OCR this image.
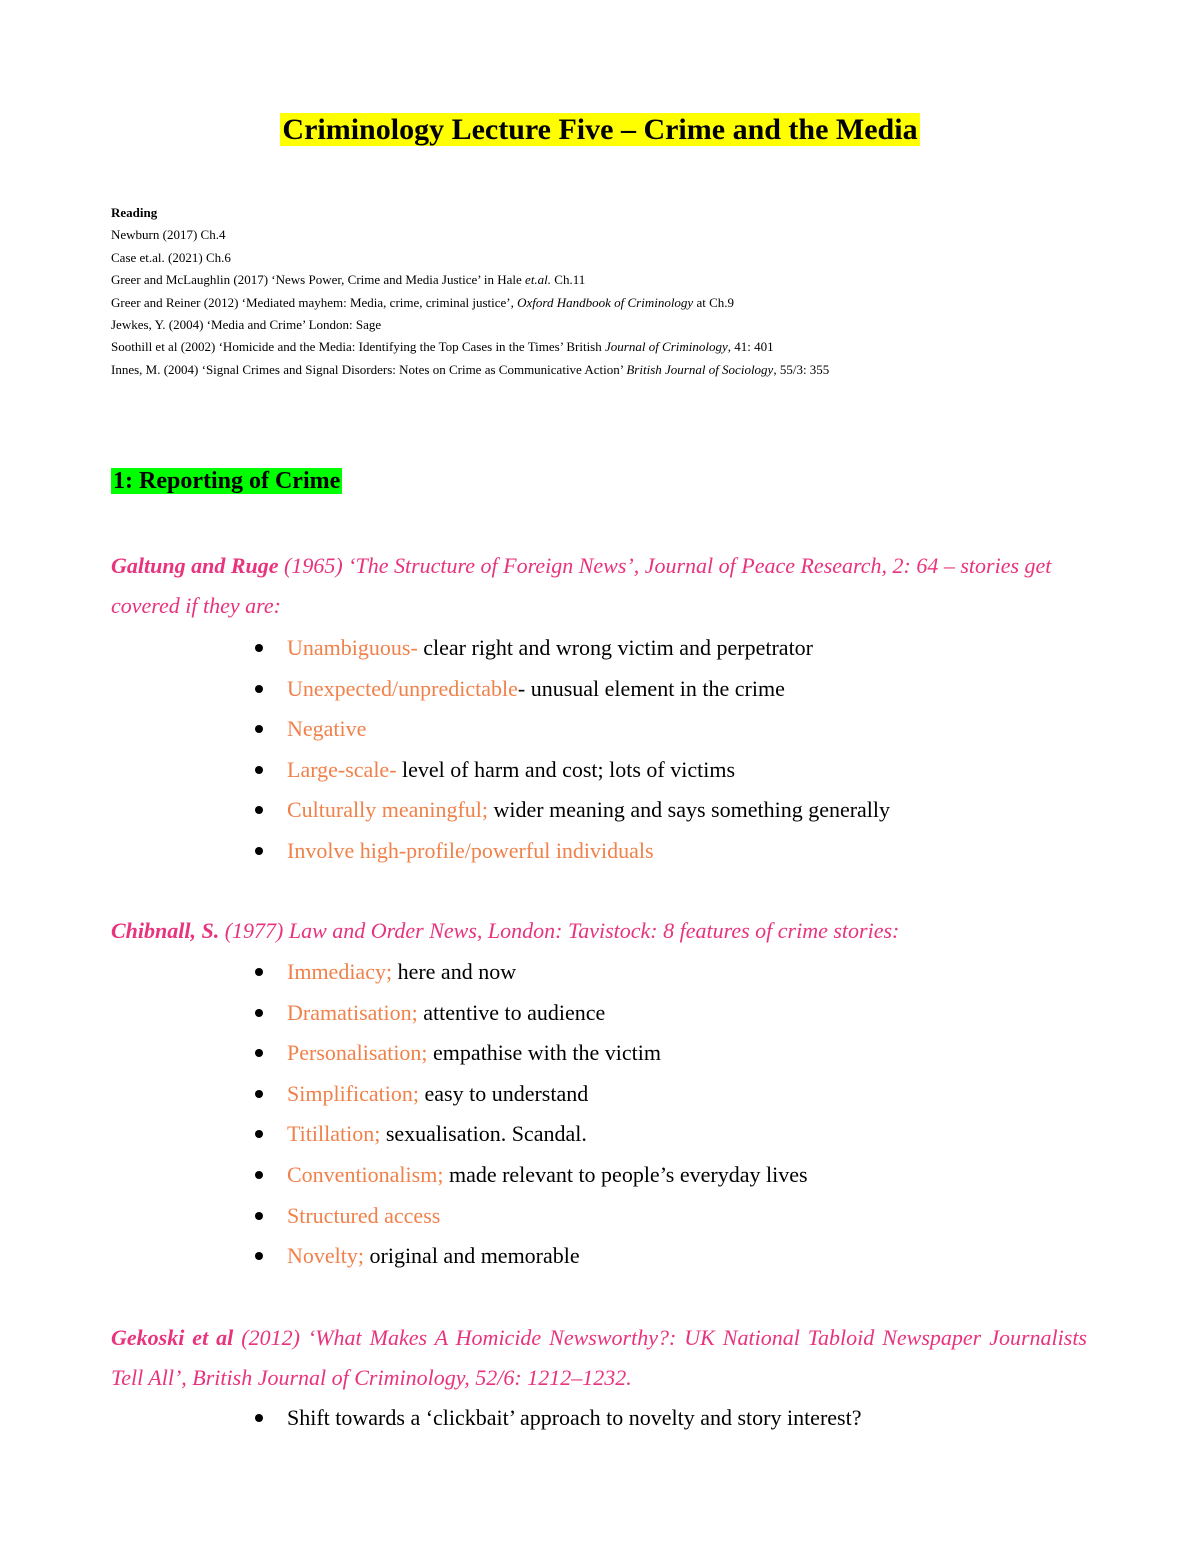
Criminology Lecture Five – Crime and the Media
Reading
Newburn (2017) Ch.4
Case et.al. (2021) Ch.6
Greer and McLaughlin (2017) ‘News Power, Crime and Media Justice’ in Hale et.al. Ch.11
Greer and Reiner (2012) ‘Mediated mayhem: Media, crime, criminal justice’, Oxford Handbook of Criminology at Ch.9
Jewkes, Y. (2004) ‘Media and Crime’ London: Sage
Soothill et al (2002) ‘Homicide and the Media: Identifying the Top Cases in the Times’ British Journal of Criminology, 41: 401
Innes, M. (2004) ‘Signal Crimes and Signal Disorders: Notes on Crime as Communicative Action’ British Journal of Sociology, 55/3: 355
1: Reporting of Crime
Galtung and Ruge (1965) ‘The Structure of Foreign News’, Journal of Peace Research, 2: 64 – stories get covered if they are:
Unambiguous- clear right and wrong victim and perpetrator
Unexpected/unpredictable- unusual element in the crime
Negative
Large-scale- level of harm and cost; lots of victims
Culturally meaningful; wider meaning and says something generally
Involve high-profile/powerful individuals
Chibnall, S. (1977) Law and Order News, London: Tavistock: 8 features of crime stories:
Immediacy; here and now
Dramatisation; attentive to audience
Personalisation; empathise with the victim
Simplification; easy to understand
Titillation; sexualisation. Scandal.
Conventionalism; made relevant to people’s everyday lives
Structured access
Novelty; original and memorable
Gekoski et al (2012) ‘What Makes A Homicide Newsworthy?: UK National Tabloid Newspaper Journalists Tell All’, British Journal of Criminology, 52/6: 1212–1232.
Shift towards a ‘clickbait’ approach to novelty and story interest?
